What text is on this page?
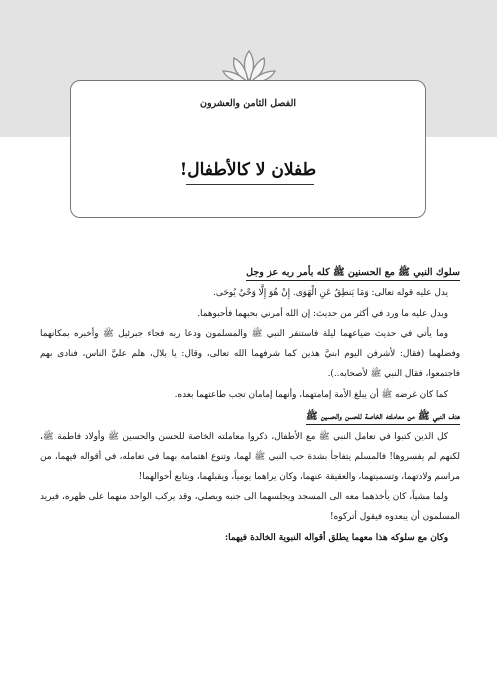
الفصل الثامن والعشرون
طفلان لا كالأطفال!

سلوك النبي ﷺ مع الحسنين ﷺ كله بأمر ربه عز وجل

يدل عليه قوله تعالى: وَمَا يَنطِقُ عَنِ الْهَوَى. إِنْ هُوَ إِلَّا وَحْيٌ يُوحَى.

ويدل عليه ما ورد في أكثر من حديث: إن الله أمرني بحبهما فأحبوهما.

وما يأتي في حديث ضياعهما ليلة فاستنفر النبي ﷺ والمسلمون ودعا ربه فجاء جبرئيل ﷺ وأخبره بمكانهما وفضلهما (فقال: لأشرفن اليوم ابنيَّ هذين كما شرفهما الله تعالى، وقال: يا بلال، هلم عليَّ الناس، فنادى بهم فاجتمعوا، فقال النبي ﷺ لأصحابه..).

كما كان غرضه ﷺ أن يبلغ الأمة إمامتهما، وأنهما إمامان تجب طاعتهما بعده.

هدف النبي ﷺ من معاملته الخاصة للحسن والحسين ﷺ

كل الذين كتبوا في تعامل النبي ﷺ مع الأطفال، ذكروا معاملته الخاصة للحسن والحسين ﷺ وأولاد فاطمة ﷺ، لكنهم لم يفسروها! فالمسلم يتفاجأ بشدة حب النبي ﷺ لهما، وتنوع اهتمامه بهما في تعامله، في أقواله فيهما، من مراسم ولادتهما، وتسميتهما، والعقيقة عنهما، وكان يراهما يومياً، ويقبلهما، ويتابع أحوالهما!

ولما مشياً، كان يأخذهما معه الى المسجد ويجلسهما الى جنبه ويصلي، وقد يركب الواحد منهما على ظهره، فيريد المسلمون أن يبعدوه فيقول أتركوه!

وكان مع سلوكه هذا معهما يطلق أقواله النبوية الخالدة فيهما:
